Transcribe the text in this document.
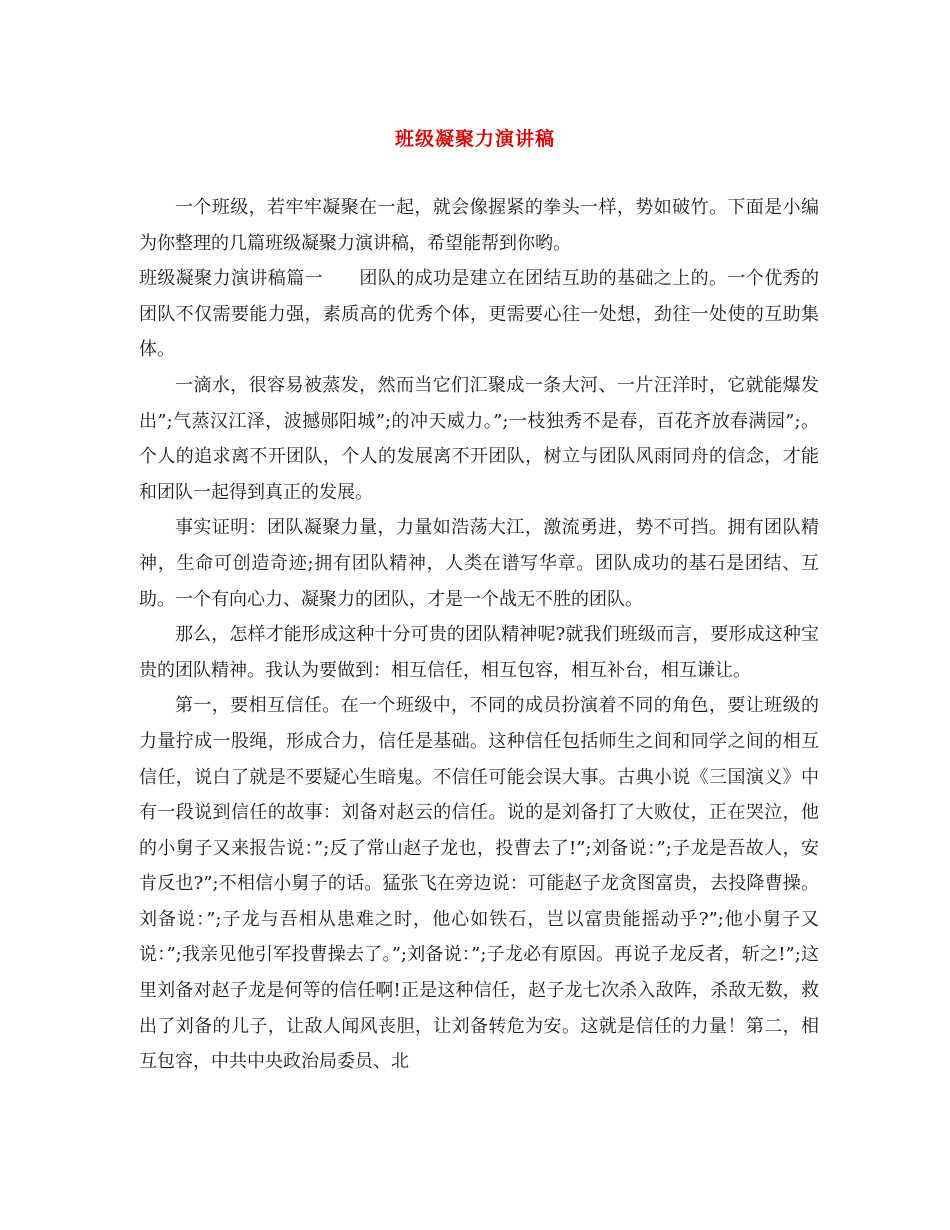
班级凝聚力演讲稿

一个班级，若牢牢凝聚在一起，就会像握紧的拳头一样，势如破竹。下面是小编为你整理的几篇班级凝聚力演讲稿，希望能帮到你哟。

班级凝聚力演讲稿篇一 团队的成功是建立在团结互助的基础之上的。一个优秀的团队不仅需要能力强，素质高的优秀个体，更需要心往一处想，劲往一处使的互助集体。

一滴水，很容易被蒸发，然而当它们汇聚成一条大河、一片汪洋时，它就能爆发出”;气蒸汉江泽，波撼郧阳城”;的冲天威力。”;一枝独秀不是春，百花齐放春满园”;。个人的追求离不开团队，个人的发展离不开团队，树立与团队风雨同舟的信念，才能和团队一起得到真正的发展。

事实证明：团队凝聚力量，力量如浩荡大江，激流勇进，势不可挡。拥有团队精神，生命可创造奇迹;拥有团队精神，人类在谱写华章。团队成功的基石是团结、互助。一个有向心力、凝聚力的团队，才是一个战无不胜的团队。

那么，怎样才能形成这种十分可贵的团队精神呢?就我们班级而言，要形成这种宝贵的团队精神。我认为要做到：相互信任，相互包容，相互补台，相互谦让。

第一，要相互信任。在一个班级中，不同的成员扮演着不同的角色，要让班级的力量拧成一股绳，形成合力，信任是基础。这种信任包括师生之间和同学之间的相互信任，说白了就是不要疑心生暗鬼。不信任可能会误大事。古典小说《三国演义》中有一段说到信任的故事：刘备对赵云的信任。说的是刘备打了大败仗，正在哭泣，他的小舅子又来报告说：”;反了常山赵子龙也，投曹去了!”;刘备说：”;子龙是吾故人，安肯反也?”;不相信小舅子的话。猛张飞在旁边说：可能赵子龙贪图富贵，去投降曹操。刘备说：”;子龙与吾相从患难之时，他心如铁石，岂以富贵能摇动乎?”;他小舅子又说：”;我亲见他引军投曹操去了。”;刘备说：”;子龙必有原因。再说子龙反者，斩之!”;这里刘备对赵子龙是何等的信任啊!正是这种信任，赵子龙七次杀入敌阵，杀敌无数，救出了刘备的儿子，让敌人闻风丧胆，让刘备转危为安。这就是信任的力量！第二，相互包容，中共中央政治局委员、北
